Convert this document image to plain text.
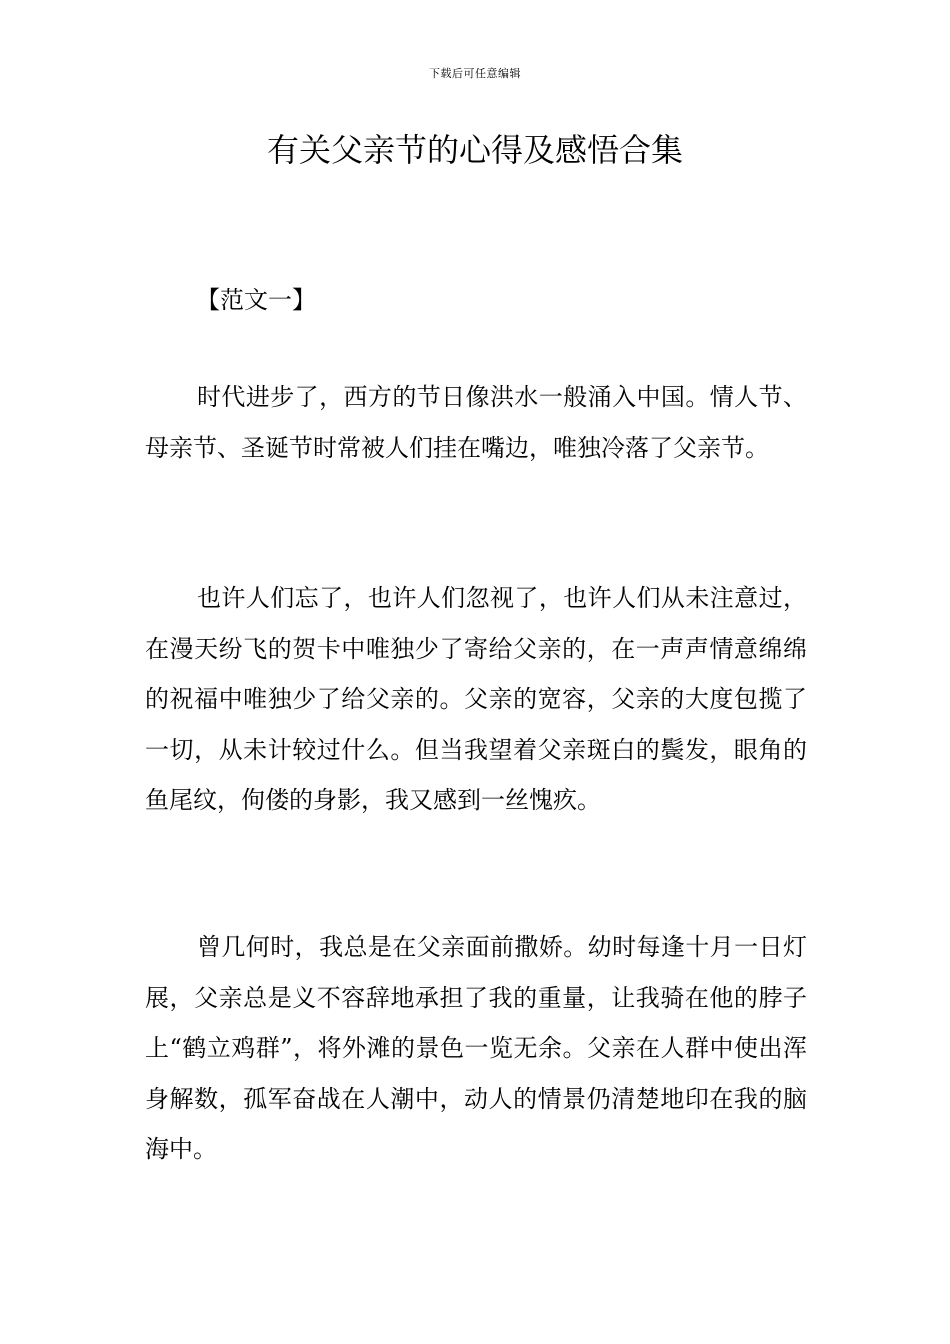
下载后可任意编辑
有关父亲节的心得及感悟合集
【范文一】

时代进步了，西方的节日像洪水一般涌入中国。情人节、母亲节、圣诞节时常被人们挂在嘴边，唯独冷落了父亲节。

也许人们忘了，也许人们忽视了，也许人们从未注意过，在漫天纷飞的贺卡中唯独少了寄给父亲的，在一声声情意绵绵的祝福中唯独少了给父亲的。父亲的宽容，父亲的大度包揽了一切，从未计较过什么。但当我望着父亲斑白的鬓发，眼角的鱼尾纹，佝偻的身影，我又感到一丝愧疚。

曾几何时，我总是在父亲面前撒娇。幼时每逢十月一日灯展，父亲总是义不容辞地承担了我的重量，让我骑在他的脖子上“鹤立鸡群”，将外滩的景色一览无余。父亲在人群中使出浑身解数，孤军奋战在人潮中，动人的情景仍清楚地印在我的脑海中。
